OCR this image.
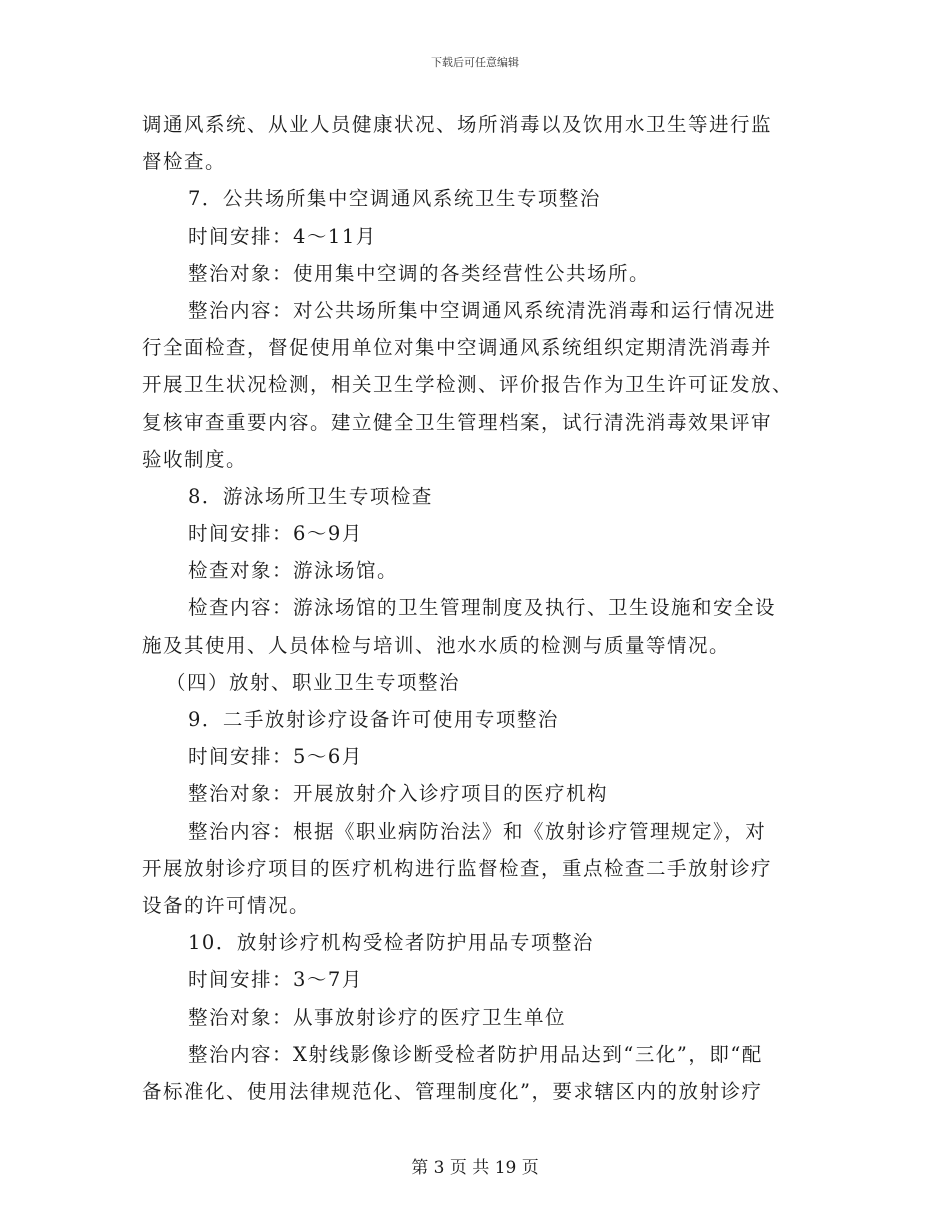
下载后可任意编辑
调通风系统、从业人员健康状况、场所消毒以及饮用水卫生等进行监
督检查。
7．公共场所集中空调通风系统卫生专项整治
时间安排：4～11月
整治对象：使用集中空调的各类经营性公共场所。
整治内容：对公共场所集中空调通风系统清洗消毒和运行情况进
行全面检查，督促使用单位对集中空调通风系统组织定期清洗消毒并
开展卫生状况检测，相关卫生学检测、评价报告作为卫生许可证发放、
复核审查重要内容。建立健全卫生管理档案，试行清洗消毒效果评审
验收制度。
8．游泳场所卫生专项检查
时间安排：6～9月
检查对象：游泳场馆。
检查内容：游泳场馆的卫生管理制度及执行、卫生设施和安全设
施及其使用、人员体检与培训、池水水质的检测与质量等情况。
（四）放射、职业卫生专项整治
9．二手放射诊疗设备许可使用专项整治
时间安排：5～6月
整治对象：开展放射介入诊疗项目的医疗机构
整治内容：根据《职业病防治法》和《放射诊疗管理规定》，对
开展放射诊疗项目的医疗机构进行监督检查，重点检查二手放射诊疗
设备的许可情况。
10．放射诊疗机构受检者防护用品专项整治
时间安排：3～7月
整治对象：从事放射诊疗的医疗卫生单位
整治内容：X射线影像诊断受检者防护用品达到“三化”，即“配
备标准化、使用法律规范化、管理制度化”，要求辖区内的放射诊疗
第 3 页 共 19 页
